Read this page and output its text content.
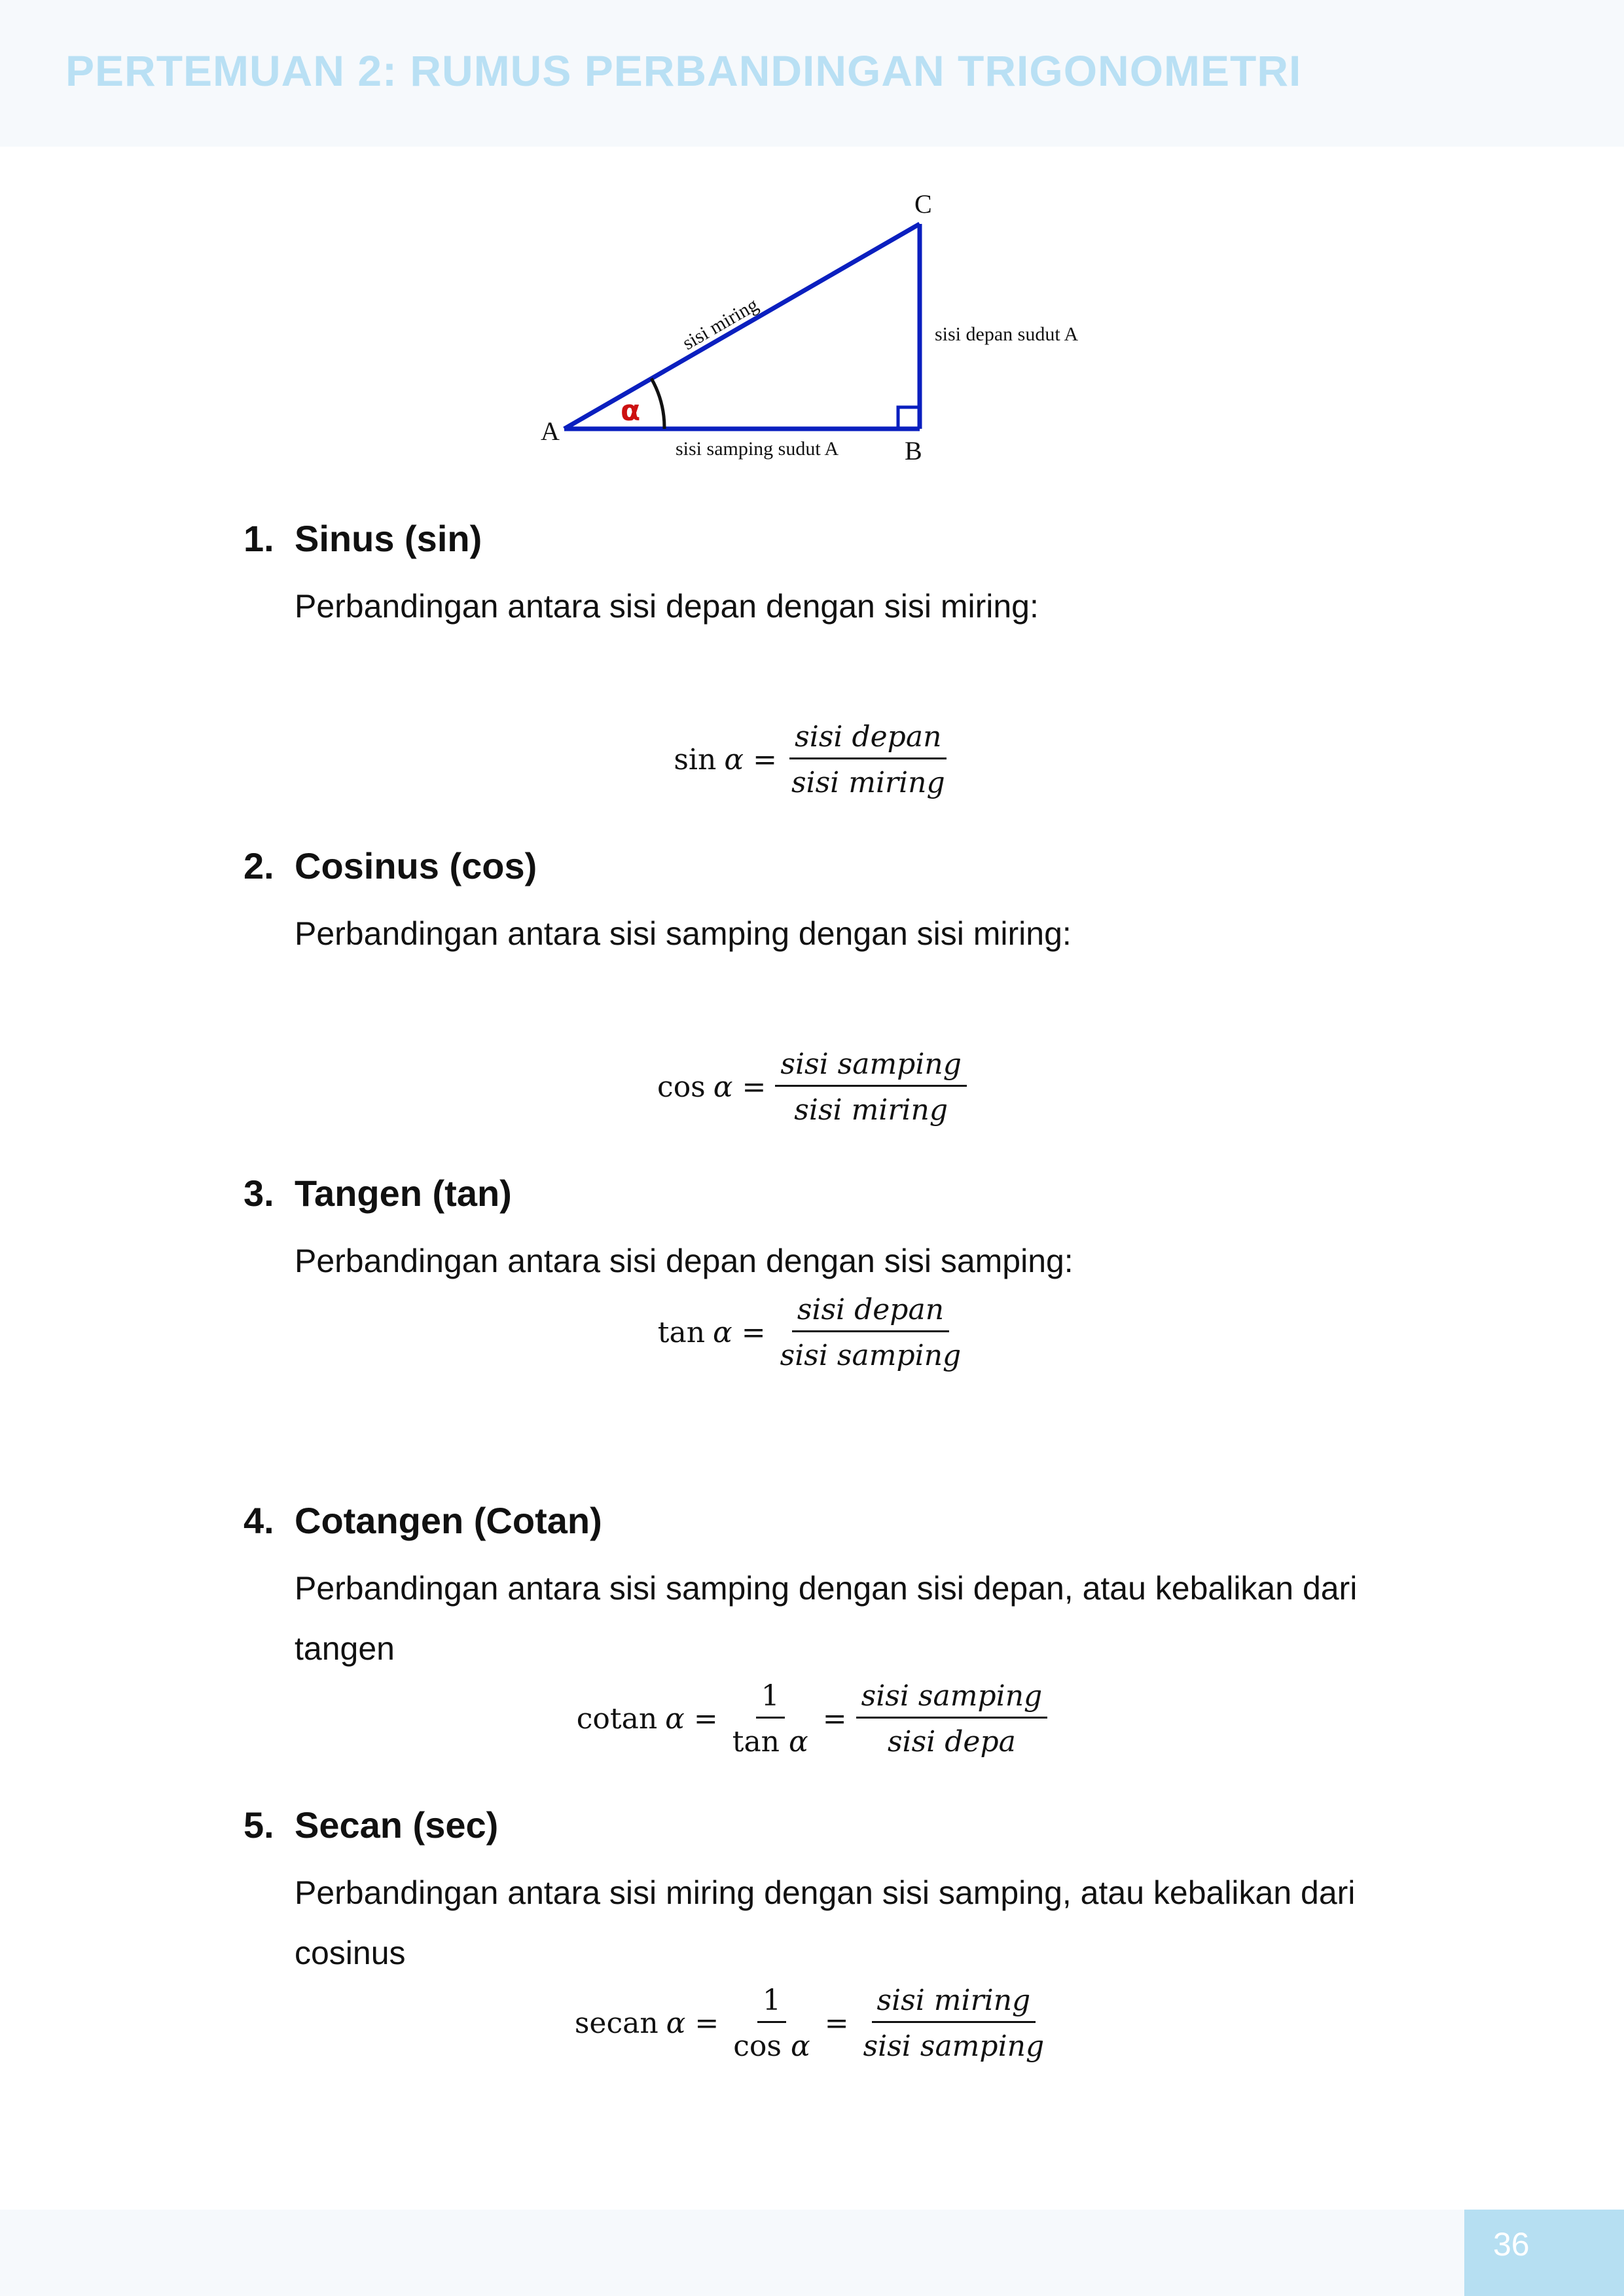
PERTEMUAN 2: RUMUS PERBANDINGAN TRIGONOMETRI
C
A
B
α
sisi miring	sisi depan sudut A
sisi samping sudut A
1. Sinus (sin)
Perbandingan antara sisi depan dengan sisi miring:
$\sin \alpha = \frac{\text{sisi depan}}{\text{sisi miring}}$
2. Cosinus (cos)
Perbandingan antara sisi samping dengan sisi miring:
$\cos \alpha = \frac{\text{sisi samping}}{\text{sisi miring}}$
3. Tangen (tan)
Perbandingan antara sisi depan dengan sisi samping:
$\tan \alpha = \frac{\text{sisi depan}}{\text{sisi samping}}$
4. Cotangen (Cotan)
Perbandingan antara sisi samping dengan sisi depan, atau kebalikan dari tangen
cotan $\alpha = \frac{1}{\text{tan α}} = \frac{\text{sisi samping}}{\text{sisi depa}}$
5. Secan (sec)
Perbandingan antara sisi miring dengan sisi samping, atau kebalikan dari cosinus
secan $\alpha = \frac{1}{\text{cos α}} = \frac{\text{sisi miring}}{\text{sisi samping}}$
36
